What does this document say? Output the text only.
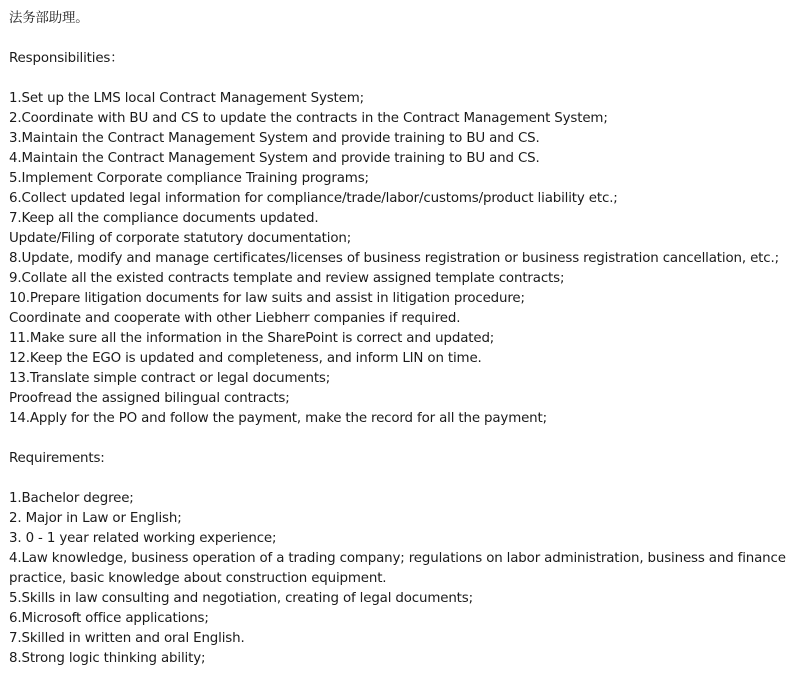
法务部助理。
Responsibilities：
1.Set up the LMS local Contract Management System;
2.Coordinate with BU and CS to update the contracts in the Contract Management System;
3.Maintain the Contract Management System and provide training to BU and CS.
4.Maintain the Contract Management System and provide training to BU and CS.
5.Implement Corporate compliance Training programs;
6.Collect updated legal information for compliance/trade/labor/customs/product liability etc.;
7.Keep all the compliance documents updated.
Update/Filing of corporate statutory documentation;
8.Update, modify and manage certificates/licenses of business registration or business registration cancellation, etc.;
9.Collate all the existed contracts template and review assigned template contracts;
10.Prepare litigation documents for law suits and assist in litigation procedure;
Coordinate and cooperate with other Liebherr companies if required.
11.Make sure all the information in the SharePoint is correct and updated;
12.Keep the EGO is updated and completeness, and inform LIN on time.
13.Translate simple contract or legal documents;
Proofread the assigned bilingual contracts;
14.Apply for the PO and follow the payment, make the record for all the payment;
Requirements:
1.Bachelor degree;
2. Major in Law or English;
3. 0 - 1 year related working experience;
4.Law knowledge, business operation of a trading company; regulations on labor administration, business and finance
practice, basic knowledge about construction equipment.
5.Skills in law consulting and negotiation, creating of legal documents;
6.Microsoft office applications;
7.Skilled in written and oral English.
8.Strong logic thinking ability;
